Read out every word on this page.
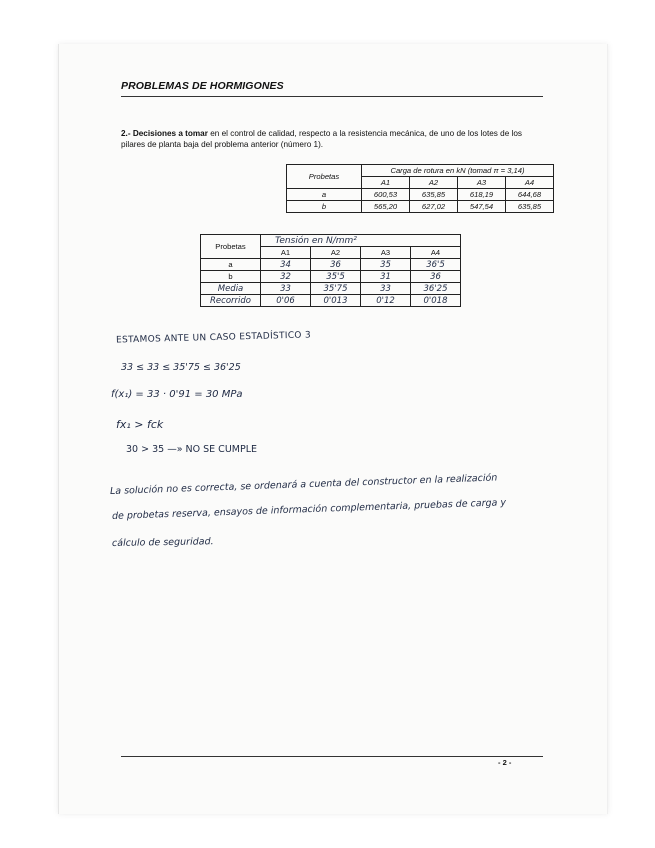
PROBLEMAS DE HORMIGONES
2.- Decisiones a tomar en el control de calidad, respecto a la resistencia mecánica, de uno de los lotes de los pilares de planta baja del problema anterior (número 1).
Probetas	Carga de rotura en kN (tomad π = 3,14)			
	A1	A2	A3	A4
a	600,53	635,85	618,19	644,68
b	565,20	627,02	547,54	635,85
Probetas	Tensión en N/mm²			
	A1	A2	A3	A4
a	34	36	35	36'5
b	32	35'5	31	36
Media	33	35'75	33	36'25
Recorrido	0'06	0'013	0'12	0'018
ESTAMOS ANTE UN CASO ESTADÍSTICO 3
33 ≤ 33 ≤ 35'75 ≤ 36'25
f(x₁) = 33 · 0'91 = 30 MPa
fx₁ > fck
30 > 35 —» NO SE CUMPLE
La solución no es correcta, se ordenará a cuenta del constructor en la realización
de probetas reserva, ensayos de información complementaria, pruebas de carga y
cálculo de seguridad.
- 2 -
